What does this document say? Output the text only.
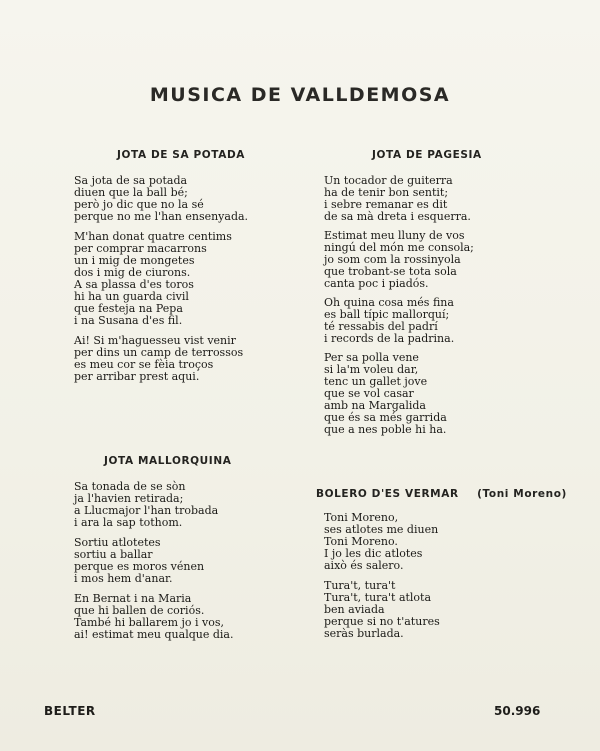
MUSICA DE VALLDEMOSA
JOTA DE SA POTADA
Sa jota de sa potada
diuen que la ball bé;
però jo dic que no la sé
perque no me l'han ensenyada.
M'han donat quatre centims
per comprar macarrons
un i mig de mongetes
dos i mig de ciurons.
A sa plassa d'es toros
hi ha un guarda civil
que festeja na Pepa
i na Susana d'es fil.
Ai! Si m'haguesseu vist venir
per dins un camp de terrossos
es meu cor se fèia troços
per arribar prest aqui.
JOTA DE PAGESIA
Un tocador de guiterra
ha de tenir bon sentit;
i sebre remanar es dit
de sa mà dreta i esquerra.
Estimat meu lluny de vos
ningú del món me consola;
jo som com la rossinyola
que trobant-se tota sola
canta poc i piadós.
Oh quina cosa més fina
es ball típic mallorquí;
té ressabis del padrí
i records de la padrina.
Per sa polla vene
si la'm voleu dar,
tenc un gallet jove
que se vol casar
amb na Margalida
que és sa més garrida
que a nes poble hi ha.
JOTA MALLORQUINA
Sa tonada de se sòn
ja l'havien retirada;
a Llucmajor l'han trobada
i ara la sap tothom.
Sortiu atlotetes
sortiu a ballar
perque es moros vénen
i mos hem d'anar.
En Bernat i na Maria
que hi ballen de coriós.
També hi ballarem jo i vos,
ai! estimat meu qualque dia.
BOLERO D'ES VERMAR (Toni Moreno)
Toni Moreno,
ses atlotes me diuen
Toni Moreno.
I jo les dic atlotes
això és salero.
Tura't, tura't
Tura't, tura't atlota
ben aviada
perque si no t'atures
seràs burlada.
BELTER	50.996
